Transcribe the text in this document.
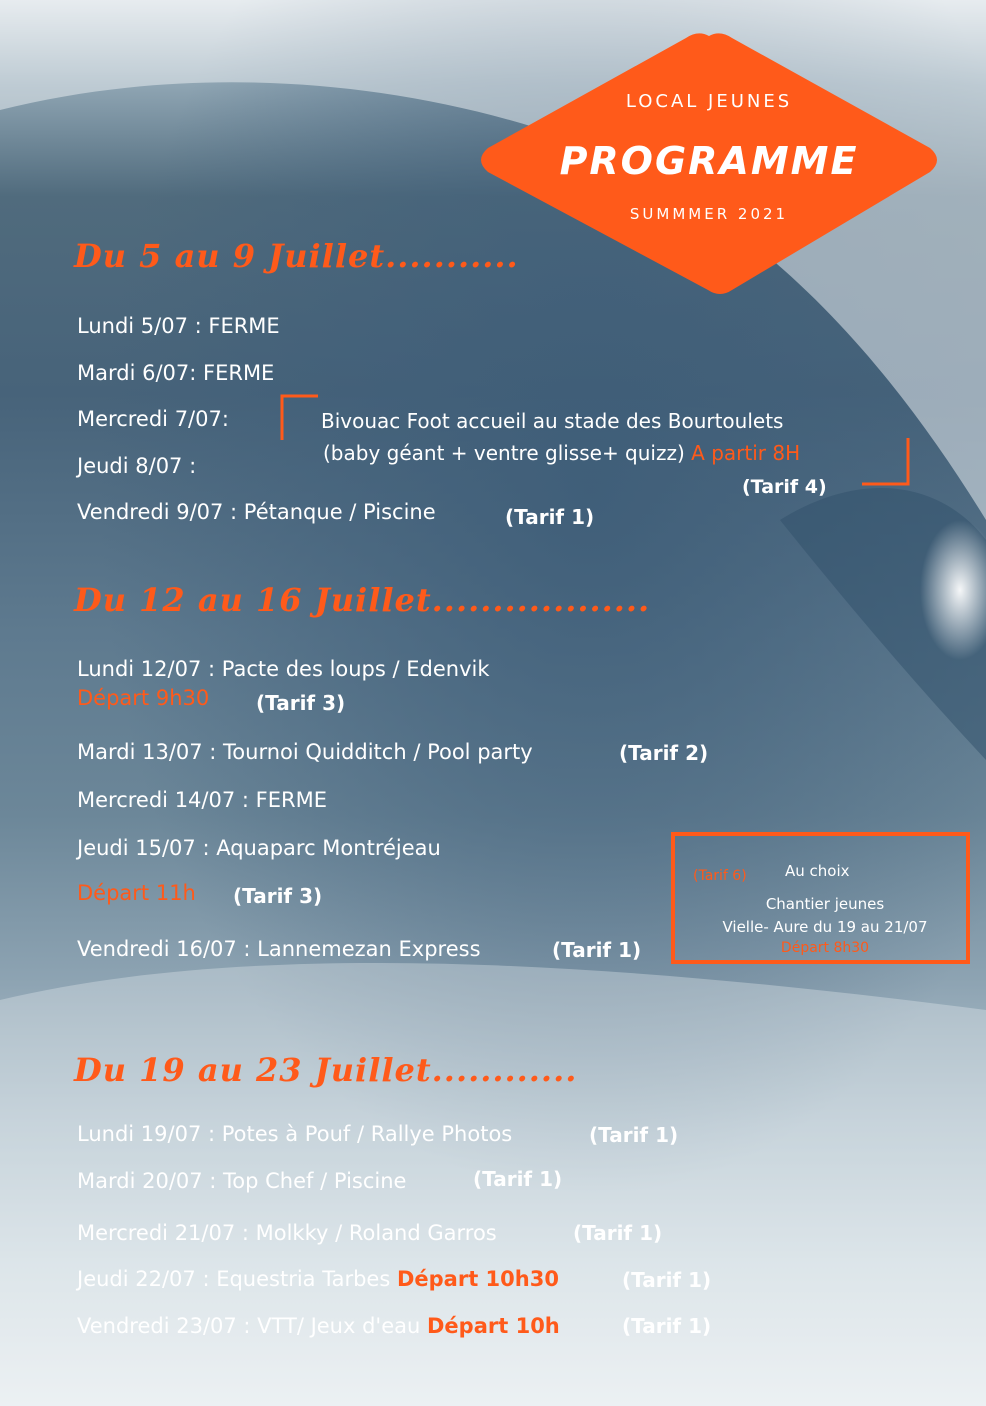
LOCAL JEUNES
PROGRAMME
SUMMMER 2021
Du 5 au 9 Juillet...........
Lundi 5/07 : FERME
Mardi 6/07: FERME
Mercredi 7/07:
Jeudi 8/07 :
Bivouac Foot accueil au stade des Bourtoulets
(baby géant + ventre glisse+ quizz) A partir 8H
(Tarif 4)
Vendredi 9/07 : Pétanque / Piscine	(Tarif 1)
Du 12 au 16 Juillet..................
Lundi 12/07 : Pacte des loups / Edenvik
Départ 9h30 (Tarif 3)
Mardi 13/07 : Tournoi Quidditch / Pool party	(Tarif 2)
Mercredi 14/07 : FERME
Jeudi 15/07 : Aquaparc Montréjeau
Départ 11h (Tarif 3)
Vendredi 16/07 : Lannemezan Express	(Tarif 1)
(Tarif 6)	Au choix
Chantier jeunes
Vielle- Aure du 19 au 21/07
Départ 8h30
Du 19 au 23 Juillet............
Lundi 19/07 : Potes à Pouf / Rallye Photos	(Tarif 1)
Mardi 20/07 : Top Chef / Piscine	(Tarif 1)
Mercredi 21/07 : Molkky / Roland Garros	(Tarif 1)
Jeudi 22/07 : Equestria Tarbes Départ 10h30	(Tarif 1)
Vendredi 23/07 : VTT/ Jeux d'eau Départ 10h	(Tarif 1)
